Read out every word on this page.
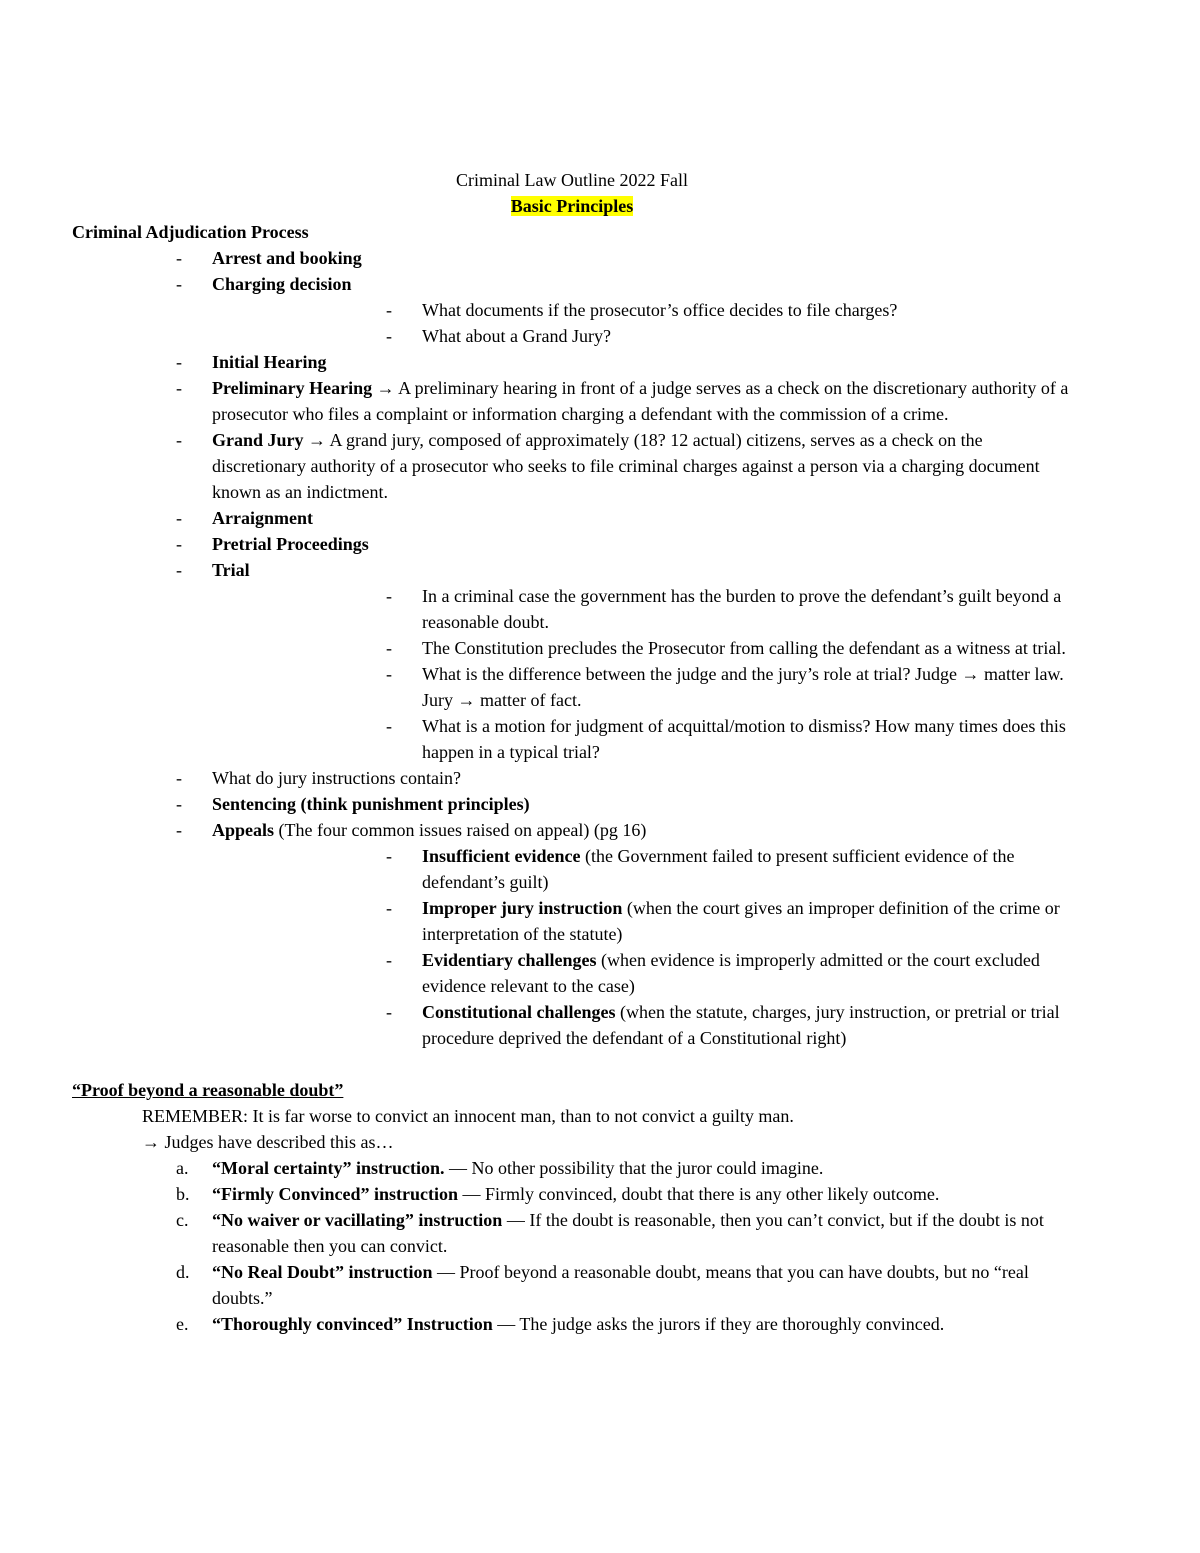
Criminal Law Outline 2022 Fall
Basic Principles
Criminal Adjudication Process
- Arrest and booking
- Charging decision
- What documents if the prosecutor’s office decides to file charges?
- What about a Grand Jury?
- Initial Hearing
- Preliminary Hearing → A preliminary hearing in front of a judge serves as a check on the discretionary authority of a prosecutor who files a complaint or information charging a defendant with the commission of a crime.
- Grand Jury → A grand jury, composed of approximately (18? 12 actual) citizens, serves as a check on the discretionary authority of a prosecutor who seeks to file criminal charges against a person via a charging document known as an indictment.
- Arraignment
- Pretrial Proceedings
- Trial
- In a criminal case the government has the burden to prove the defendant’s guilt beyond a reasonable doubt.
- The Constitution precludes the Prosecutor from calling the defendant as a witness at trial.
- What is the difference between the judge and the jury’s role at trial? Judge → matter law. Jury → matter of fact.
- What is a motion for judgment of acquittal/motion to dismiss? How many times does this happen in a typical trial?
- What do jury instructions contain?
- Sentencing (think punishment principles)
- Appeals (The four common issues raised on appeal) (pg 16)
- Insufficient evidence (the Government failed to present sufficient evidence of the defendant’s guilt)
- Improper jury instruction (when the court gives an improper definition of the crime or interpretation of the statute)
- Evidentiary challenges (when evidence is improperly admitted or the court excluded evidence relevant to the case)
- Constitutional challenges (when the statute, charges, jury instruction, or pretrial or trial procedure deprived the defendant of a Constitutional right)
“Proof beyond a reasonable doubt”
REMEMBER: It is far worse to convict an innocent man, than to not convict a guilty man.
→ Judges have described this as…
a. “Moral certainty” instruction. — No other possibility that the juror could imagine.
b. “Firmly Convinced” instruction — Firmly convinced, doubt that there is any other likely outcome.
c. “No waiver or vacillating” instruction — If the doubt is reasonable, then you can’t convict, but if the doubt is not reasonable then you can convict.
d. “No Real Doubt” instruction — Proof beyond a reasonable doubt, means that you can have doubts, but no “real doubts.”
e. “Thoroughly convinced” Instruction — The judge asks the jurors if they are thoroughly convinced.
